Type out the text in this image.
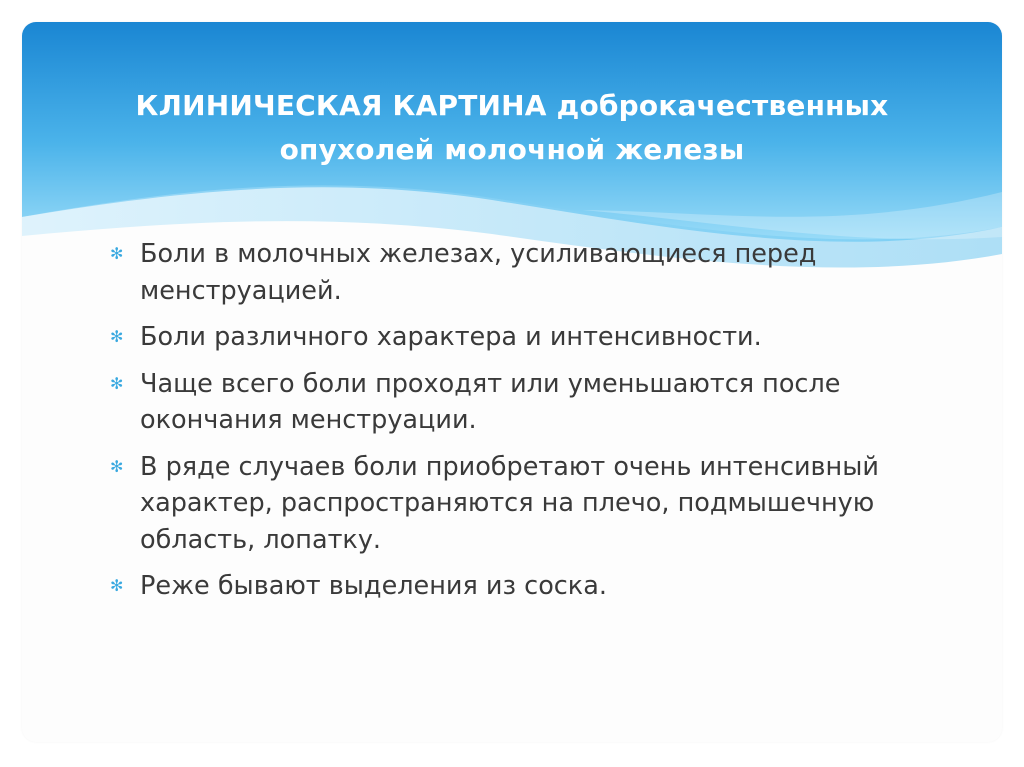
КЛИНИЧЕСКАЯ КАРТИНА доброкачественных опухолей молочной железы
✻ Боли в молочных железах, усиливающиеся перед менструацией.
✻ Боли различного характера и интенсивности.
✻ Чаще всего боли проходят или уменьшаются после окончания менструации.
✻ В ряде случаев боли приобретают очень интенсивный характер, распространяются на плечо, подмышечную область, лопатку.
✻ Реже бывают выделения из соска.
